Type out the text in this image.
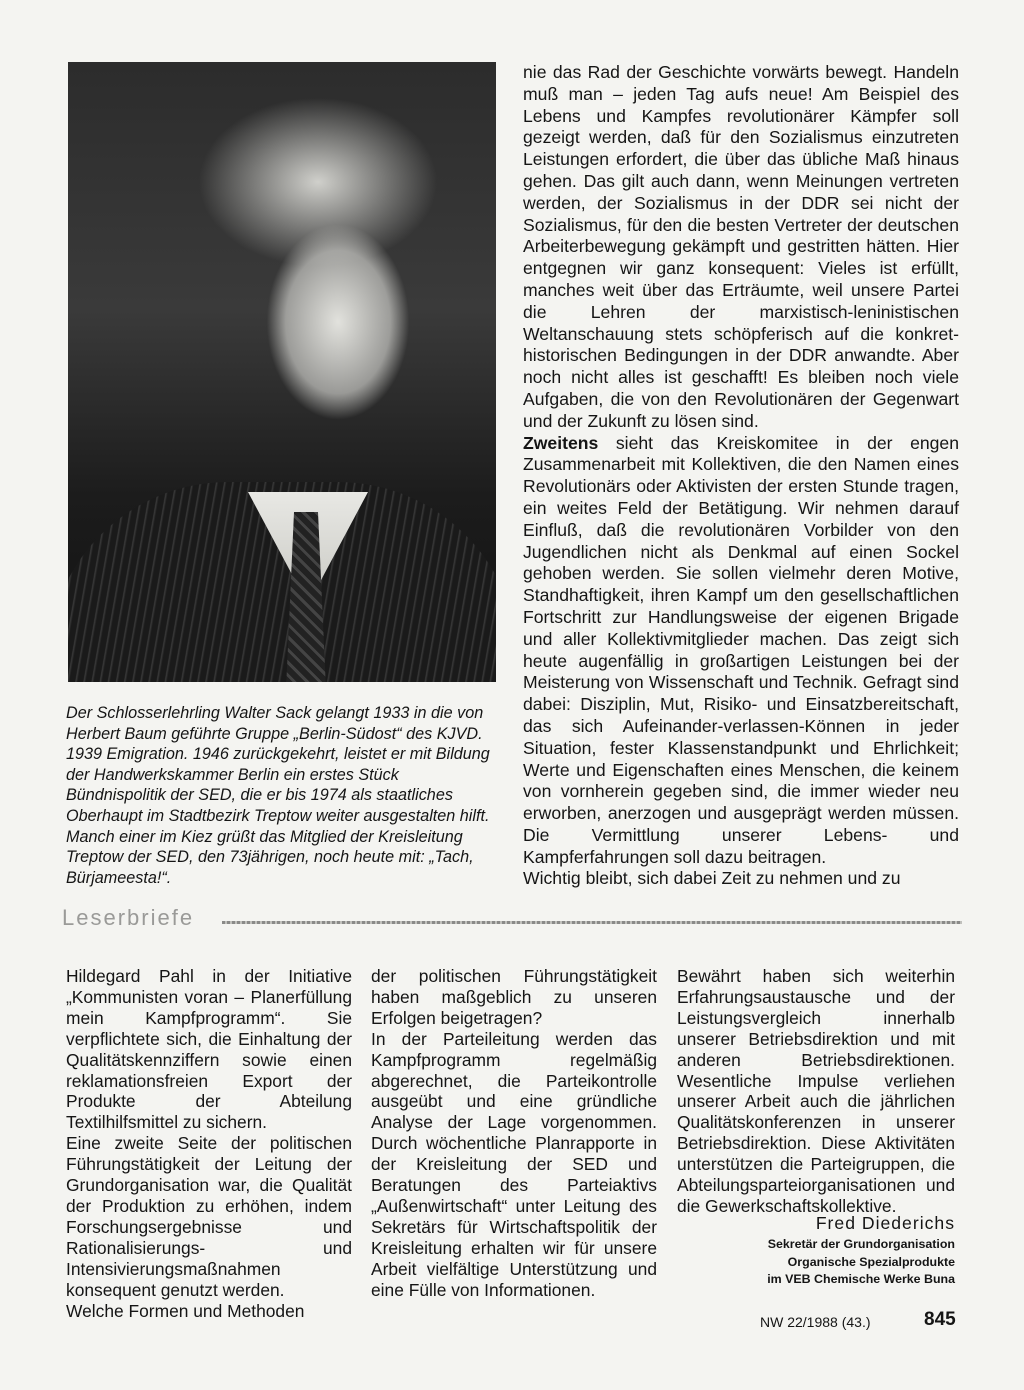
Der Schlosserlehrling Walter Sack gelangt 1933 in die von Herbert Baum geführte Gruppe „Berlin-Südost“ des KJVD. 1939 Emigration. 1946 zurückgekehrt, leistet er mit Bildung der Handwerkskammer Berlin ein erstes Stück Bündnispolitik der SED, die er bis 1974 als staatliches Oberhaupt im Stadtbezirk Treptow weiter ausgestalten hilft. Manch einer im Kiez grüßt das Mitglied der Kreisleitung Treptow der SED, den 73jährigen, noch heute mit: „Tach, Bürjameesta!“.

nie das Rad der Geschichte vorwärts bewegt. Handeln muß man – jeden Tag aufs neue! Am Beispiel des Lebens und Kampfes revolutionärer Kämpfer soll gezeigt werden, daß für den Sozialismus einzutreten Leistungen erfordert, die über das übliche Maß hinaus gehen. Das gilt auch dann, wenn Meinungen vertreten werden, der Sozialismus in der DDR sei nicht der Sozialismus, für den die besten Vertreter der deutschen Arbeiterbewegung gekämpft und gestritten hätten. Hier entgegnen wir ganz konsequent: Vieles ist erfüllt, manches weit über das Erträumte, weil unsere Partei die Lehren der marxistisch-leninistischen Weltanschauung stets schöpferisch auf die konkret-historischen Bedingungen in der DDR anwandte. Aber noch nicht alles ist geschafft! Es bleiben noch viele Aufgaben, die von den Revolutionären der Gegenwart und der Zukunft zu lösen sind.

Zweitens sieht das Kreiskomitee in der engen Zusammenarbeit mit Kollektiven, die den Namen eines Revolutionärs oder Aktivisten der ersten Stunde tragen, ein weites Feld der Betätigung. Wir nehmen darauf Einfluß, daß die revolutionären Vorbilder von den Jugendlichen nicht als Denkmal auf einen Sockel gehoben werden. Sie sollen vielmehr deren Motive, Standhaftigkeit, ihren Kampf um den gesellschaftlichen Fortschritt zur Handlungsweise der eigenen Brigade und aller Kollektivmitglieder machen. Das zeigt sich heute augenfällig in großartigen Leistungen bei der Meisterung von Wissenschaft und Technik. Gefragt sind dabei: Disziplin, Mut, Risiko- und Einsatzbereitschaft, das sich Aufeinander-verlassen-Können in jeder Situation, fester Klassenstandpunkt und Ehrlichkeit; Werte und Eigenschaften eines Menschen, die keinem von vornherein gegeben sind, die immer wieder neu erworben, anerzogen und ausgeprägt werden müssen. Die Vermittlung unserer Lebens- und Kampferfahrungen soll dazu beitragen.

Wichtig bleibt, sich dabei Zeit zu nehmen und zu

Leserbriefe

Hildegard Pahl in der Initiative „Kommunisten voran – Planerfüllung mein Kampfprogramm“. Sie verpflichtete sich, die Einhaltung der Qualitätskennziffern sowie einen reklamationsfreien Export der Produkte der Abteilung Textilhilfsmittel zu sichern.

Eine zweite Seite der politischen Führungstätigkeit der Leitung der Grundorganisation war, die Qualität der Produktion zu erhöhen, indem Forschungsergebnisse und Rationalisierungs- und Intensivierungsmaßnahmen konsequent genutzt werden.

Welche Formen und Methoden

der politischen Führungstätigkeit haben maßgeblich zu unseren Erfolgen beigetragen?

In der Parteileitung werden das Kampfprogramm regelmäßig abgerechnet, die Parteikontrolle ausgeübt und eine gründliche Analyse der Lage vorgenommen. Durch wöchentliche Planrapporte in der Kreisleitung der SED und Beratungen des Parteiaktivs „Außenwirtschaft“ unter Leitung des Sekretärs für Wirtschaftspolitik der Kreisleitung erhalten wir für unsere Arbeit vielfältige Unterstützung und eine Fülle von Informationen.

Bewährt haben sich weiterhin Erfahrungsaustausche und der Leistungsvergleich innerhalb unserer Betriebsdirektion und mit anderen Betriebsdirektionen. Wesentliche Impulse verliehen unserer Arbeit auch die jährlichen Qualitätskonferenzen in unserer Betriebsdirektion. Diese Aktivitäten unterstützen die Parteigruppen, die Abteilungsparteiorganisationen und die Gewerkschaftskollektive.

Fred Diederichs
Sekretär der Grundorganisation
Organische Spezialprodukte
im VEB Chemische Werke Buna
NW 22/1988 (43.)	845
